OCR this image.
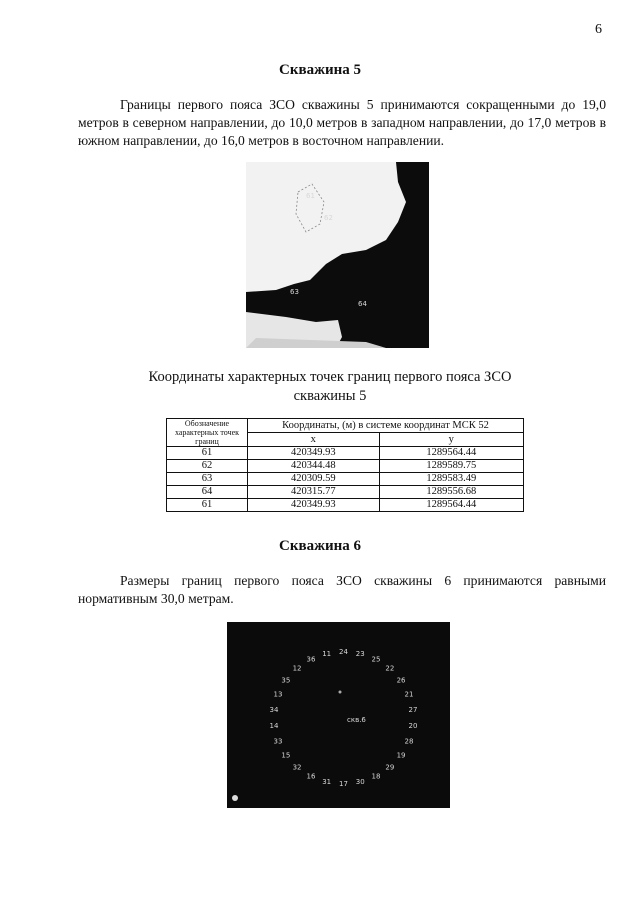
6
Скважина 5

Границы первого пояса ЗСО скважины 5 принимаются сокращенными до 19,0 метров в северном направлении, до 10,0 метров в западном направлении, до 17,0 метров в южном направлении, до 16,0 метров в восточном направлении.

61
62
63
64
Координаты характерных точек границ первого пояса ЗСО
скважины 5
Обозначение характерных точек границ	Координаты, (м) в системе координат МСК 52	
	x	y
61	420349.93	1289564.44
62	420344.48	1289589.75
63	420309.59	1289583.49
64	420315.77	1289556.68
61	420349.93	1289564.44
Скважина 6

Размеры границ первого пояса ЗСО скважины 6 принимаются равными нормативным 30,0 метрам.

скв.6
24 23
25
22
26
21
27
20
28
19
29
18
30
17
31
16
32
15
33
14
34
13
35
12
36
11
